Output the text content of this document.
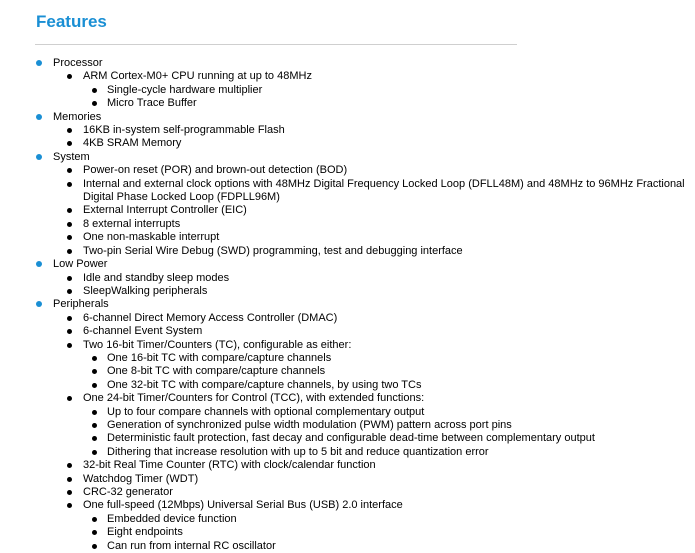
Features
Processor
ARM Cortex-M0+ CPU running at up to 48MHz
Single-cycle hardware multiplier
Micro Trace Buffer
Memories
16KB in-system self-programmable Flash
4KB SRAM Memory
System
Power-on reset (POR) and brown-out detection (BOD)
Internal and external clock options with 48MHz Digital Frequency Locked Loop (DFLL48M) and 48MHz to 96MHz Fractional Digital Phase Locked Loop (FDPLL96M)
External Interrupt Controller (EIC)
8 external interrupts
One non-maskable interrupt
Two-pin Serial Wire Debug (SWD) programming, test and debugging interface
Low Power
Idle and standby sleep modes
SleepWalking peripherals
Peripherals
6-channel Direct Memory Access Controller (DMAC)
6-channel Event System
Two 16-bit Timer/Counters (TC), configurable as either:
One 16-bit TC with compare/capture channels
One 8-bit TC with compare/capture channels
One 32-bit TC with compare/capture channels, by using two TCs
One 24-bit Timer/Counters for Control (TCC), with extended functions:
Up to four compare channels with optional complementary output
Generation of synchronized pulse width modulation (PWM) pattern across port pins
Deterministic fault protection, fast decay and configurable dead-time between complementary output
Dithering that increase resolution with up to 5 bit and reduce quantization error
32-bit Real Time Counter (RTC) with clock/calendar function
Watchdog Timer (WDT)
CRC-32 generator
One full-speed (12Mbps) Universal Serial Bus (USB) 2.0 interface
Embedded device function
Eight endpoints
Can run from internal RC oscillator
